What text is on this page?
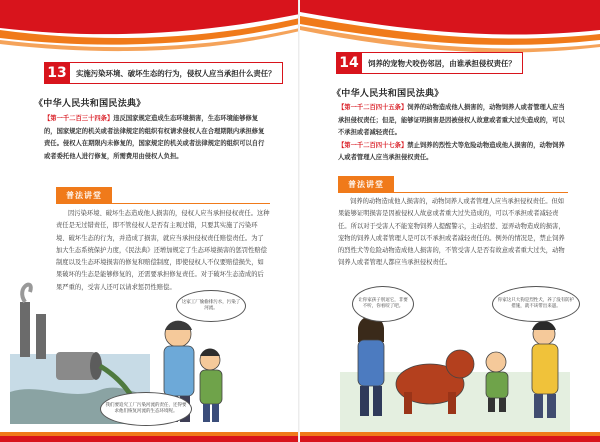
13	实施污染环境、破坏生态的行为，侵权人应当承担什么责任？
《中华人民共和国民法典》
【第一千二百三十四条】违反国家规定造成生态环境损害，生态环境能够修复的，国家规定的机关或者法律规定的组织有权请求侵权人在合理期限内承担修复责任。侵权人在期限内未修复的，国家规定的机关或者法律规定的组织可以自行或者委托他人进行修复，所需费用由侵权人负担。
普法讲堂
因污染环境、破坏生态造成他人损害的，侵权人应当承担侵权责任。这种责任是无过错责任，即不管侵权人是否有主观过错，只要其实施了污染环境、破坏生态的行为，并造成了损害，就应当承担侵权责任赔偿责任。为了加大生态系统保护力度，《民法典》还增加规定了生态环境损害的惩罚性赔偿制度以及生态环境损害的修复和赔偿制度，即使侵权人不仅要赔偿损失，如果破坏的生态是能够修复的，还需要承担修复责任。对于破坏生态造成的后果严重的，受害人还可以请求惩罚性赔偿。
这家工厂偷偷排污水，污染了河流。
我们要追究工厂污染河流的责任，还得要求他们恢复河流的生态环境呢。
14	饲养的宠物犬咬伤邻居，由谁承担侵权责任？
《中华人民共和国民法典》
【第一千二百四十五条】饲养的动物造成他人损害的，动物饲养人或者管理人应当承担侵权责任；但是，能够证明损害是因被侵权人故意或者重大过失造成的，可以不承担或者减轻责任。
【第一千二百四十七条】禁止饲养的烈性犬等危险动物造成他人损害的，动物饲养人或者管理人应当承担侵权责任。
普法讲堂
饲养的动物造成他人损害的，动物饲养人或者管理人应当承担侵权责任。但如果能够证明损害是因被侵权人故意或者重大过失造成的，可以不承担或者减轻责任。所以对于受害人不能宠物饲养人提醒警示，主动招惹、逗弄动物造成的损害，宠物的饲养人或者管理人是可以不承担或者减轻责任的。例外的情况是，禁止饲养的烈性犬等危险动物造成他人损害的，不管受害人是否有故意或者重大过失，动物饲养人或者管理人都应当承担侵权责任。
让你家孩子别逗它，非要不听，你看咬了吧。
你家这只大狗是烈性犬，养了没有防护措施，就不该带出来遛。
